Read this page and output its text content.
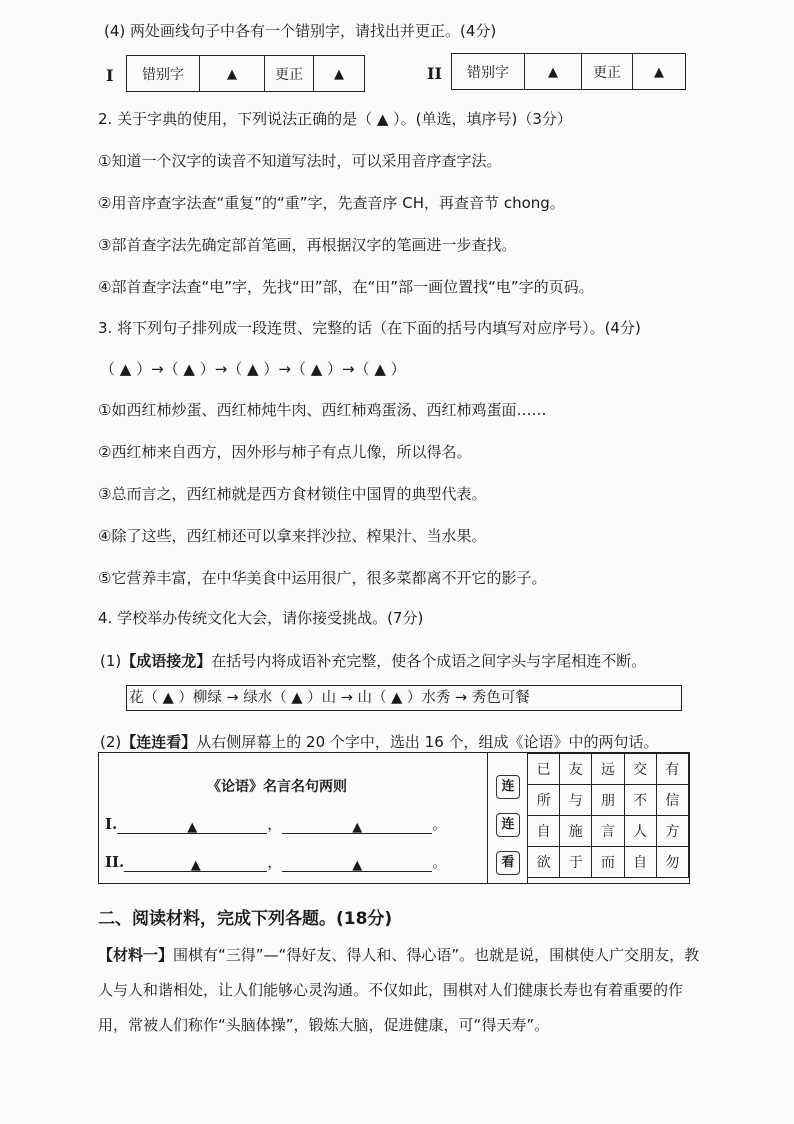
(4) 两处画线句子中各有一个错别字，请找出并更正。(4分)
I 错别字	▲	更正	▲	II 错别字	▲	更正	▲
2. 关于字典的使用，下列说法正确的是（ ▲ ）。(单选，填序号)（3分）
①知道一个汉字的读音不知道写法时，可以采用音序查字法。
②用音序查字法查“重复”的“重”字，先查音序 CH，再查音节 chong。
③部首查字法先确定部首笔画，再根据汉字的笔画进一步查找。
④部首查字法查“电”字，先找“田”部，在“田”部一画位置找“电”字的页码。
3. 将下列句子排列成一段连贯、完整的话（在下面的括号内填写对应序号）。(4分)
（ ▲ ）→（ ▲ ）→（ ▲ ）→（ ▲ ）→（ ▲ ）
①如西红柿炒蛋、西红柿炖牛肉、西红柿鸡蛋汤、西红柿鸡蛋面……
②西红柿来自西方，因外形与柿子有点儿像，所以得名。
③总而言之，西红柿就是西方食材锁住中国胃的典型代表。
④除了这些，西红柿还可以拿来拌沙拉、榨果汁、当水果。
⑤它营养丰富，在中华美食中运用很广，很多菜都离不开它的影子。
4. 学校举办传统文化大会，请你接受挑战。(7分)
(1)【成语接龙】在括号内将成语补充完整，使各个成语之间字头与字尾相连不断。
花（ ▲ ）柳绿 → 绿水（ ▲ ）山 → 山（ ▲ ）水秀 → 秀色可餐
(2)【连连看】从右侧屏幕上的 20 个字中，选出 16 个，组成《论语》中的两句话。
《论语》名言名句两则
I.	▲	，	▲	。
II.	▲	，	▲	。
连
连
看
已	友	远	交	有
所	与	朋	不	信
自	施	言	人	方
欲	于	而	自	勿
二、阅读材料，完成下列各题。(18分)
【材料一】围棋有“三得”—“得好友、得人和、得心语”。也就是说，围棋使人广交朋友，教人与人和谐相处，让人们能够心灵沟通。不仅如此，围棋对人们健康长寿也有着重要的作用，常被人们称作“头脑体操”，锻炼大脑，促进健康，可“得天寿”。
